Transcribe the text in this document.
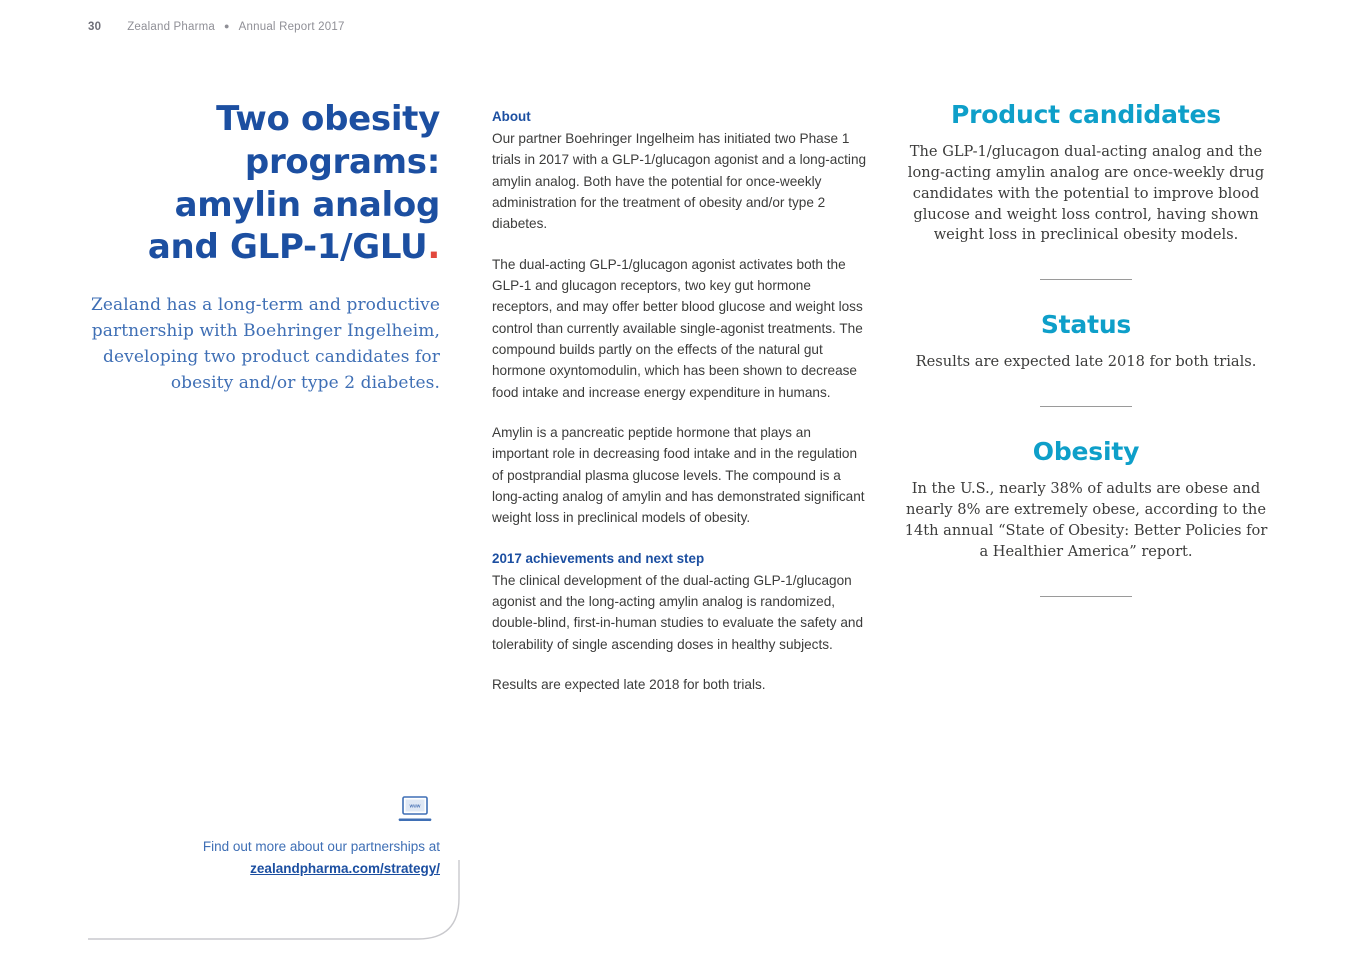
30 Zealand Pharma ● Annual Report 2017
Two obesity
programs:
amylin analog
and GLP-1/GLU.
Zealand has a long-term and productive partnership with Boehringer Ingelheim, developing two product candidates for obesity and/or type 2 diabetes.
www
Find out more about our partnerships at
zealandpharma.com/strategy/
About

Our partner Boehringer Ingelheim has initiated two Phase 1 trials in 2017 with a GLP-1/glucagon agonist and a long-acting amylin analog. Both have the potential for once-weekly administration for the treatment of obesity and/or type 2 diabetes.

The dual-acting GLP-1/glucagon agonist activates both the GLP-1 and glucagon receptors, two key gut hormone receptors, and may offer better blood glucose and weight loss control than currently available single-agonist treatments. The compound builds partly on the effects of the natural gut hormone oxyntomodulin, which has been shown to decrease food intake and increase energy expenditure in humans.

Amylin is a pancreatic peptide hormone that plays an important role in decreasing food intake and in the regulation of postprandial plasma glucose levels. The compound is a long-acting analog of amylin and has demonstrated significant weight loss in preclinical models of obesity.

2017 achievements and next step

The clinical development of the dual-acting GLP-1/glucagon agonist and the long-acting amylin analog is randomized, double-blind, first-in-human studies to evaluate the safety and tolerability of single ascending doses in healthy subjects.

Results are expected late 2018 for both trials.

Product candidates

The GLP-1/glucagon dual-acting analog and the long-acting amylin analog are once-weekly drug candidates with the potential to improve blood glucose and weight loss control, having shown weight loss in preclinical obesity models.

Status

Results are expected late 2018 for both trials.

Obesity

In the U.S., nearly 38% of adults are obese and nearly 8% are extremely obese, according to the 14th annual “State of Obesity: Better Policies for a Healthier America” report.
